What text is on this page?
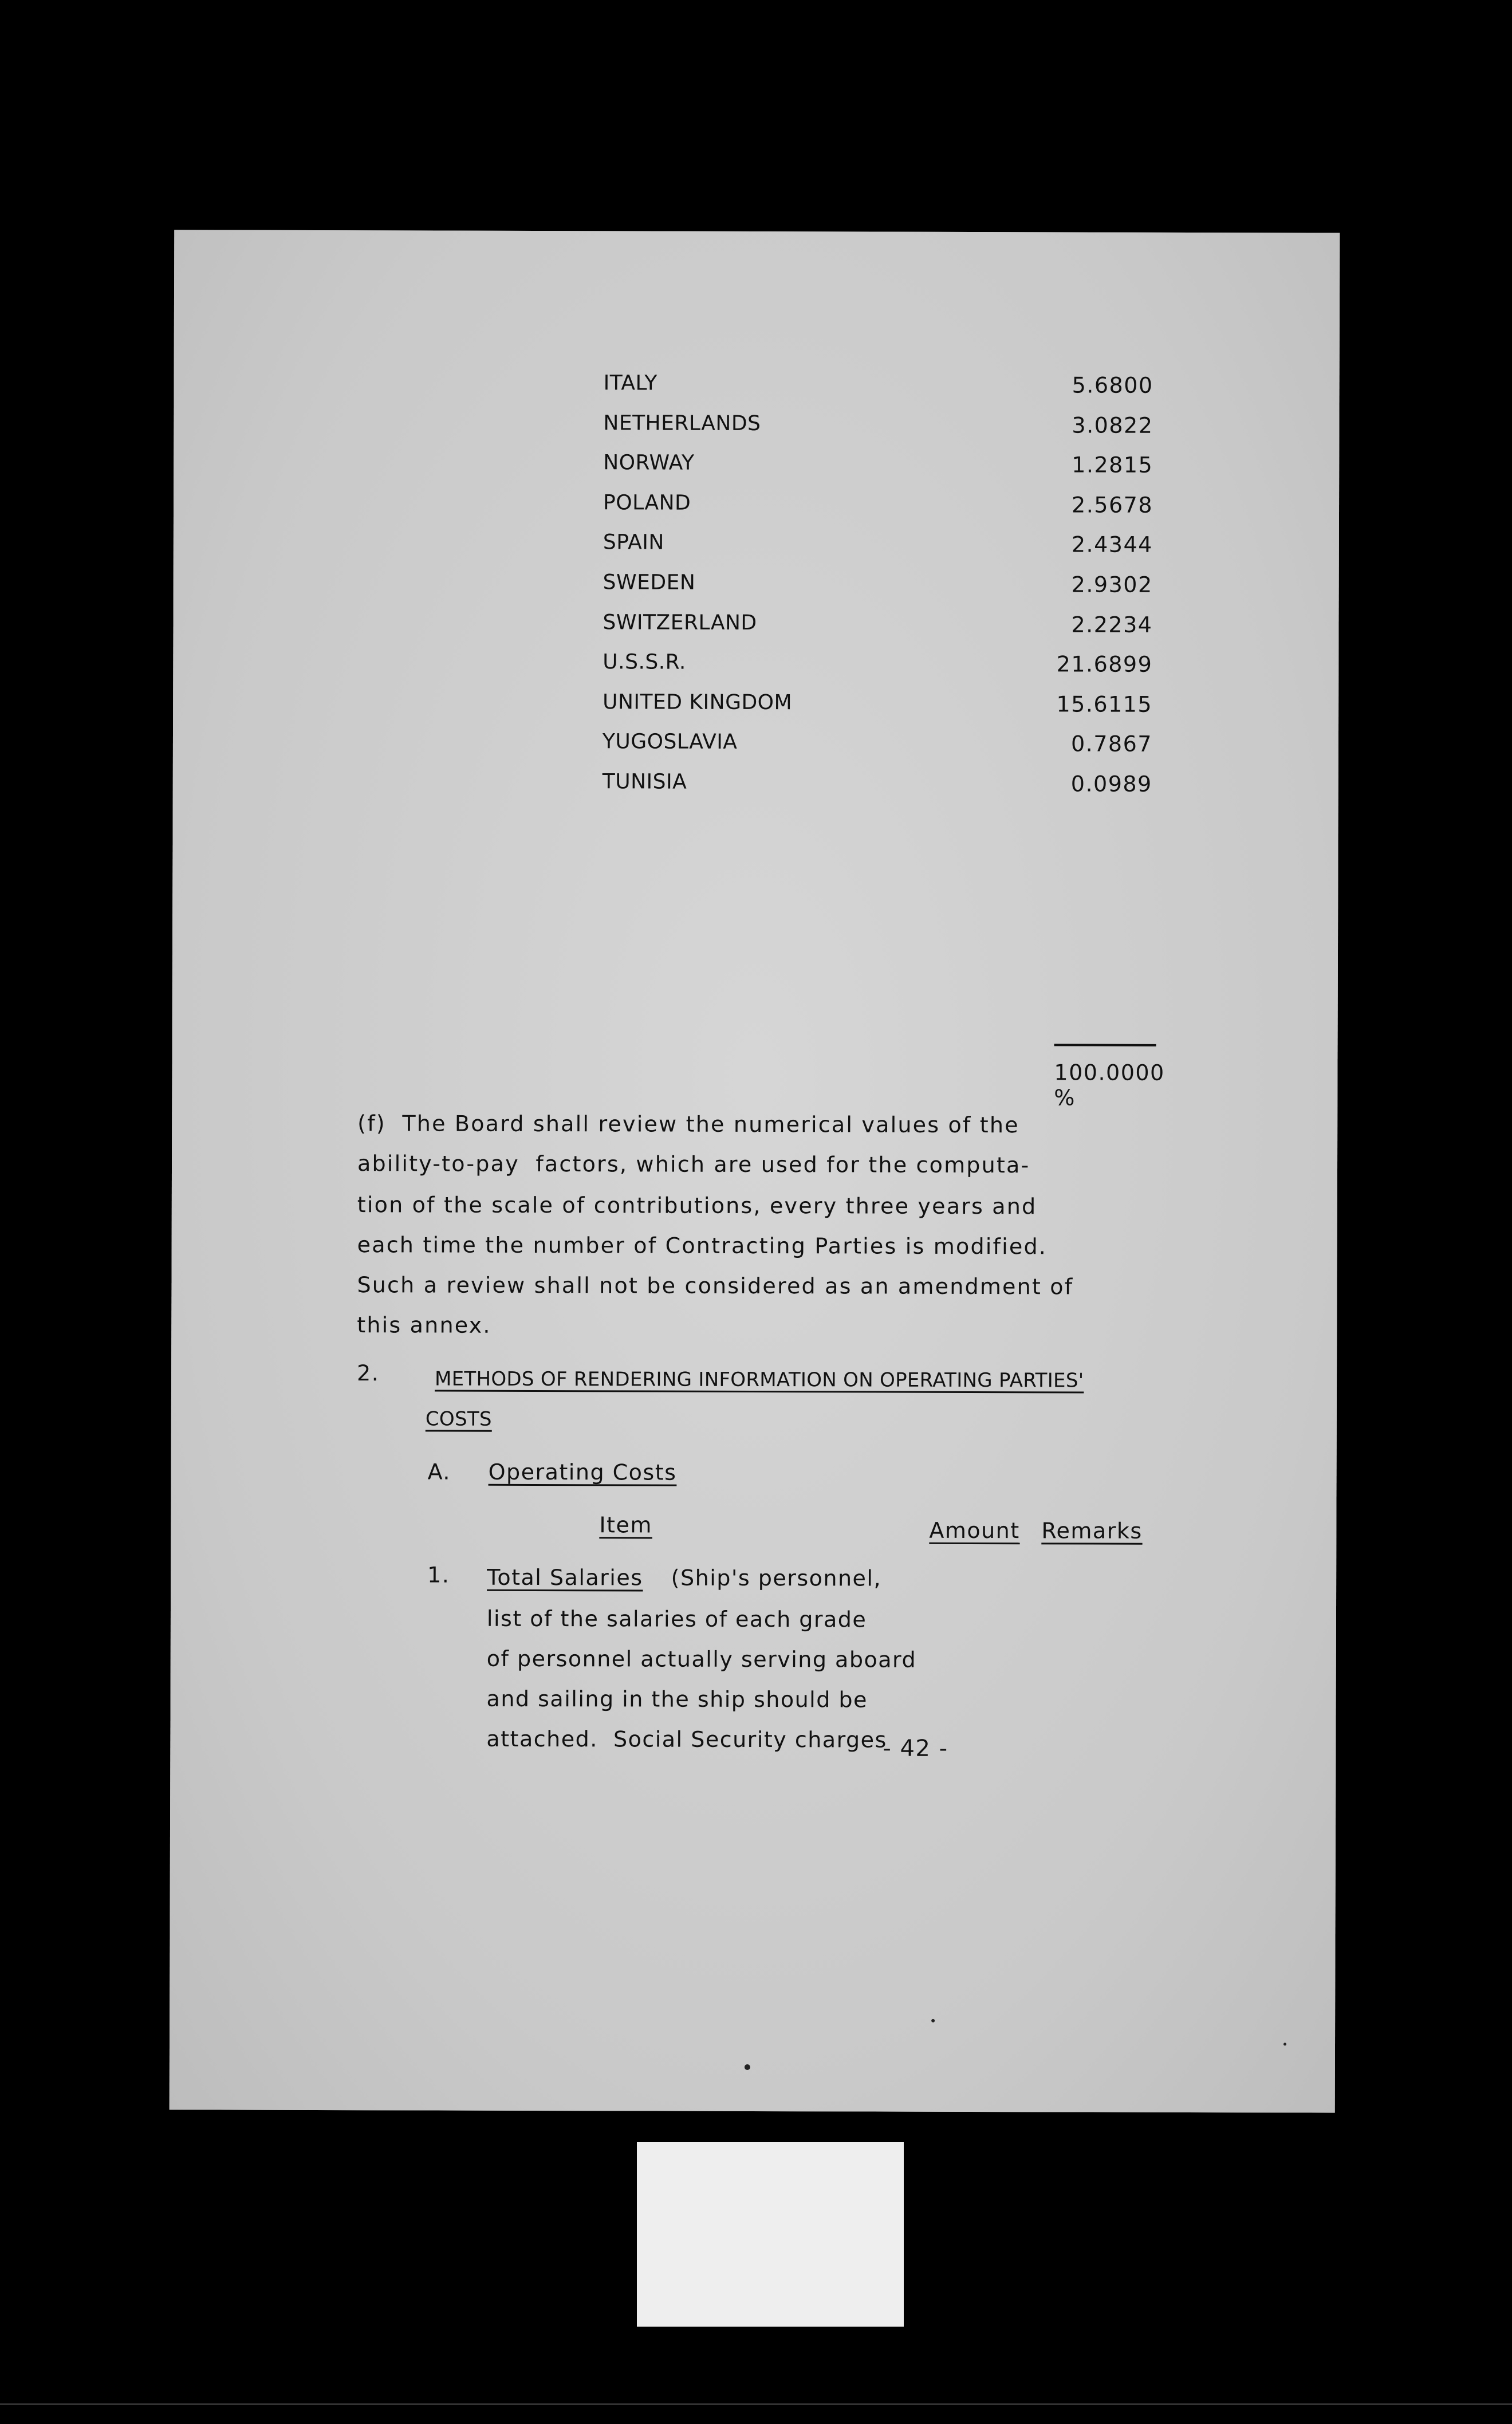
ITALY	5.6800
NETHERLANDS	3.0822
NORWAY	1.2815
POLAND	2.5678
SPAIN	2.4344
SWEDEN	2.9302
SWITZERLAND	2.2234
U.S.S.R.	21.6899
UNITED KINGDOM	15.6115
YUGOSLAVIA	0.7867
TUNISIA	0.0989
100.0000 %
(f)  The Board shall review the numerical values of the
ability-to-pay  factors, which are used for the computa-
tion of the scale of contributions, every three years and
each time the number of Contracting Parties is modified.
Such a review shall not be considered as an amendment of
this annex.
2.	METHODS OF RENDERING INFORMATION ON OPERATING PARTIES'
COSTS
A. Operating Costs
Item	Amount Remarks
1. Total Salaries (Ship's personnel,
list of the salaries of each grade
of personnel actually serving aboard
and sailing in the ship should be
attached.  Social Security charges
- 42 -
